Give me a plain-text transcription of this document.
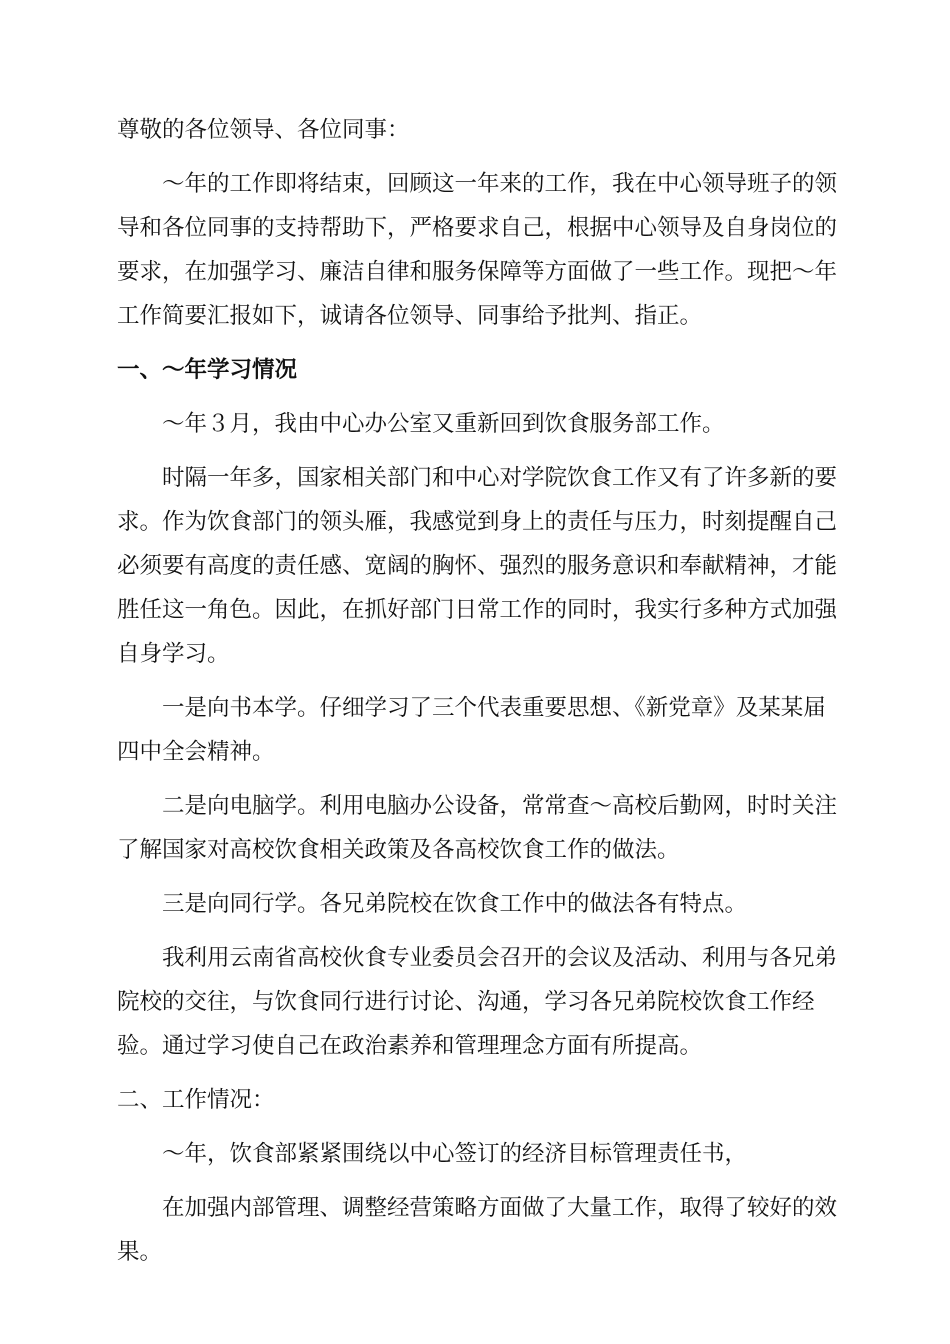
尊敬的各位领导、各位同事：

～年的工作即将结束，回顾这一年来的工作，我在中心领导班子的领导和各位同事的支持帮助下，严格要求自己，根据中心领导及自身岗位的要求，在加强学习、廉洁自律和服务保障等方面做了一些工作。现把～年工作简要汇报如下，诚请各位领导、同事给予批判、指正。

一、～年学习情况

～年３月，我由中心办公室又重新回到饮食服务部工作。

时隔一年多，国家相关部门和中心对学院饮食工作又有了许多新的要求。作为饮食部门的领头雁，我感觉到身上的责任与压力，时刻提醒自己必须要有高度的责任感、宽阔的胸怀、强烈的服务意识和奉献精神，才能胜任这一角色。因此，在抓好部门日常工作的同时，我实行多种方式加强自身学习。

一是向书本学。仔细学习了三个代表重要思想、《新党章》及某某届四中全会精神。

二是向电脑学。利用电脑办公设备，常常查～高校后勤网，时时关注了解国家对高校饮食相关政策及各高校饮食工作的做法。

三是向同行学。各兄弟院校在饮食工作中的做法各有特点。

我利用云南省高校伙食专业委员会召开的会议及活动、利用与各兄弟院校的交往，与饮食同行进行讨论、沟通，学习各兄弟院校饮食工作经验。通过学习使自己在政治素养和管理理念方面有所提高。

二、工作情况：

～年，饮食部紧紧围绕以中心签订的经济目标管理责任书，

在加强内部管理、调整经营策略方面做了大量工作，取得了较好的效果。
